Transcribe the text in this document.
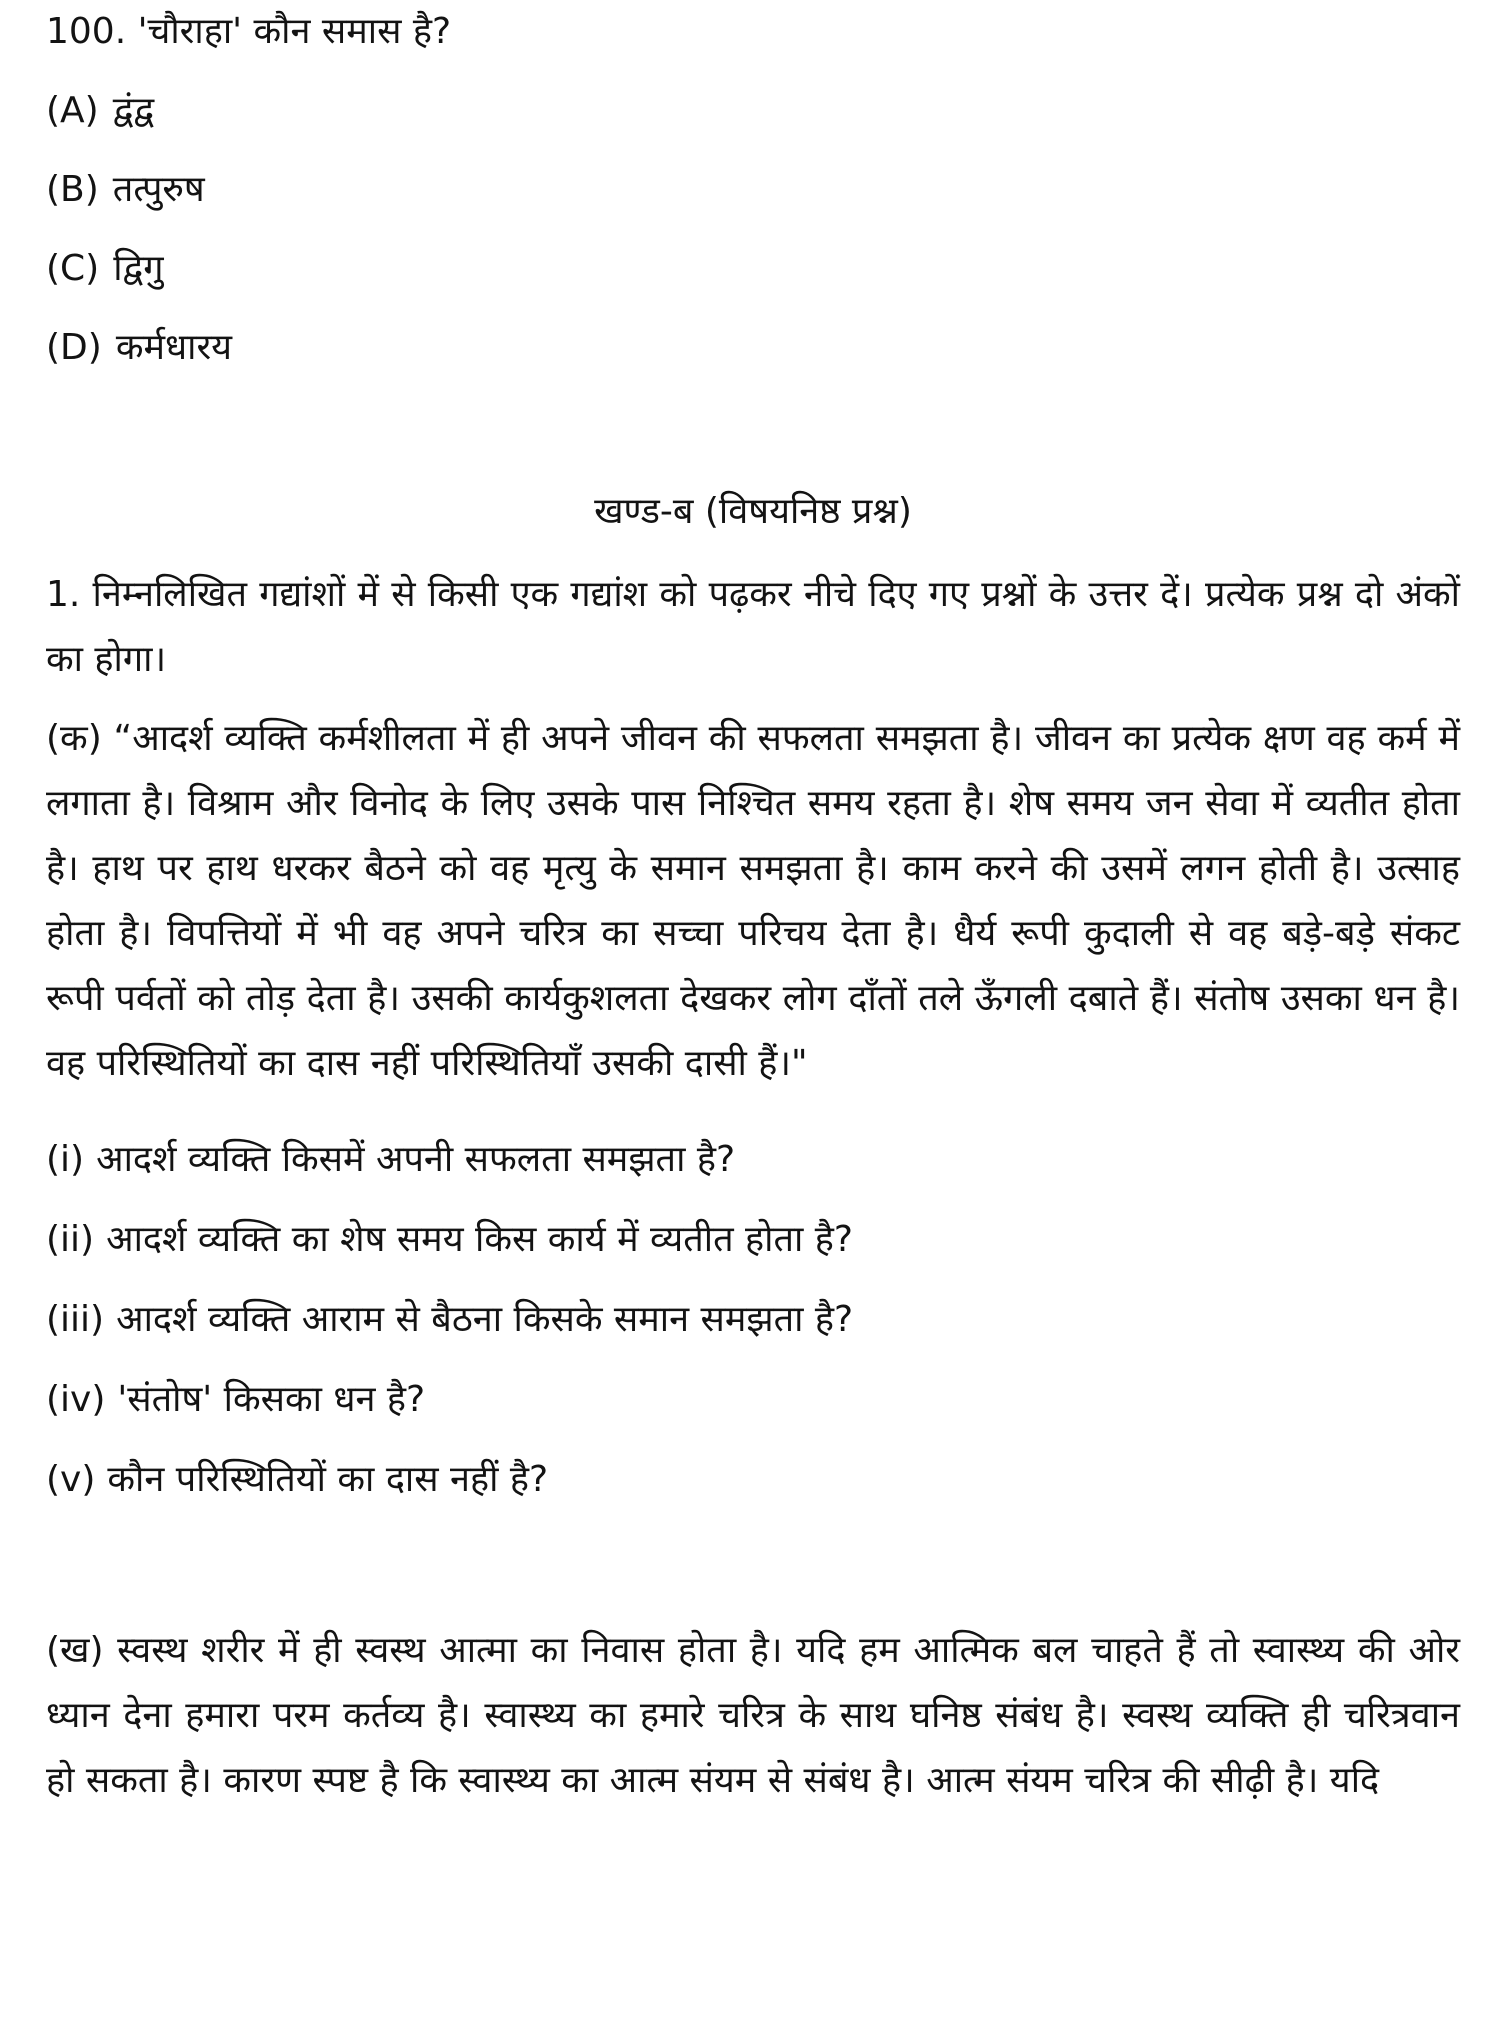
100. 'चौराहा' कौन समास है?

(A) द्वंद्व

(B) तत्पुरुष

(C) द्विगु

(D) कर्मधारय

खण्ड-ब (विषयनिष्ठ प्रश्न)

1. निम्नलिखित गद्यांशों में से किसी एक गद्यांश को पढ़कर नीचे दिए गए प्रश्नों के उत्तर दें। प्रत्येक प्रश्न दो अंकों का होगा।

(क) “आदर्श व्यक्ति कर्मशीलता में ही अपने जीवन की सफलता समझता है। जीवन का प्रत्येक क्षण वह कर्म में लगाता है। विश्राम और विनोद के लिए उसके पास निश्चित समय रहता है। शेष समय जन सेवा में व्यतीत होता है। हाथ पर हाथ धरकर बैठने को वह मृत्यु के समान समझता है। काम करने की उसमें लगन होती है। उत्साह होता है। विपत्तियों में भी वह अपने चरित्र का सच्चा परिचय देता है। धैर्य रूपी कुदाली से वह बड़े-बड़े संकट रूपी पर्वतों को तोड़ देता है। उसकी कार्यकुशलता देखकर लोग दाँतों तले ऊँगली दबाते हैं। संतोष उसका धन है। वह परिस्थितियों का दास नहीं परिस्थितियाँ उसकी दासी हैं।"

(i) आदर्श व्यक्ति किसमें अपनी सफलता समझता है?

(ii) आदर्श व्यक्ति का शेष समय किस कार्य में व्यतीत होता है?

(iii) आदर्श व्यक्ति आराम से बैठना किसके समान समझता है?

(iv) 'संतोष' किसका धन है?

(v) कौन परिस्थितियों का दास नहीं है?

(ख) स्वस्थ शरीर में ही स्वस्थ आत्मा का निवास होता है। यदि हम आत्मिक बल चाहते हैं तो स्वास्थ्य की ओर ध्यान देना हमारा परम कर्तव्य है। स्वास्थ्य का हमारे चरित्र के साथ घनिष्ठ संबंध है। स्वस्थ व्यक्ति ही चरित्रवान हो सकता है। कारण स्पष्ट है कि स्वास्थ्य का आत्म संयम से संबंध है। आत्म संयम चरित्र की सीढ़ी है। यदि
